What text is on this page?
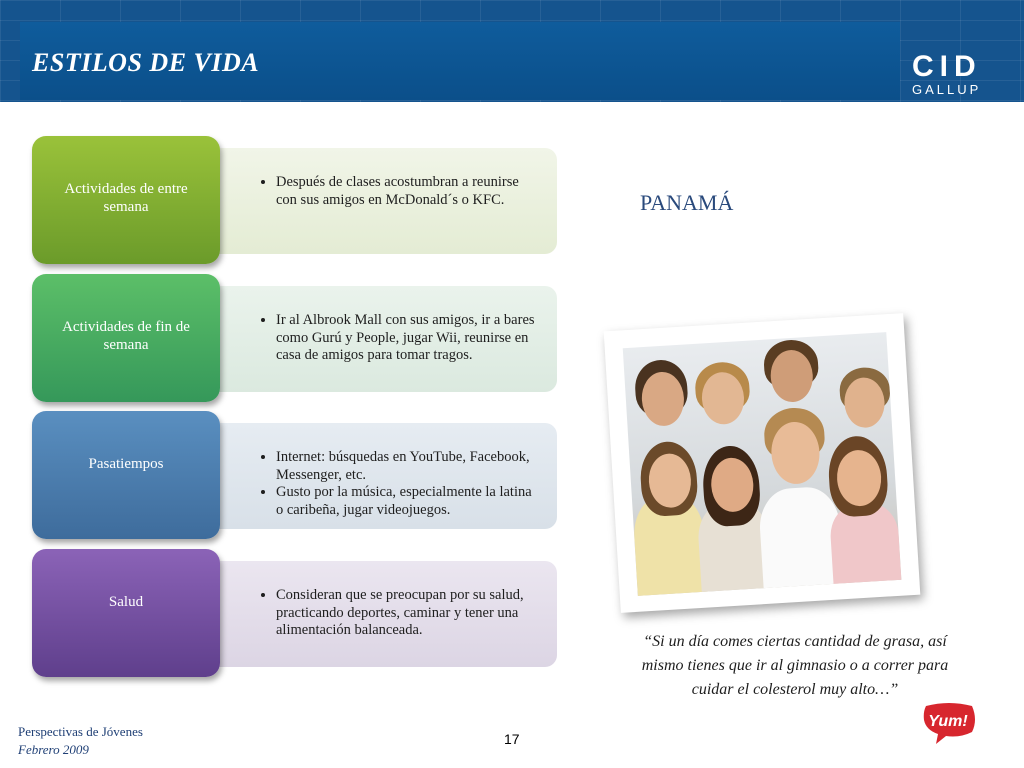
ESTILOS DE VIDA	CID
GALLUP
• Después de clases acostumbran a reunirse con sus amigos en McDonald´s o KFC.
Actividades de entre semana
• Ir al Albrook Mall con sus amigos, ir a bares como Gurú y People, jugar Wii, reunirse en casa de amigos para tomar tragos.
Actividades de fin de semana
• Internet: búsquedas en YouTube, Facebook, Messenger, etc.
• Gusto por la música, especialmente la latina o caribeña, jugar videojuegos.
Pasatiempos
• Consideran que se preocupan por su salud, practicando deportes, caminar y tener una alimentación balanceada.
Salud
PANAMÁ
“Si un día comes ciertas cantidad de grasa, así mismo tienes que ir al gimnasio o a correr para cuidar el colesterol muy alto…”
Perspectivas de Jóvenes
Febrero 2009
17
Yum!
